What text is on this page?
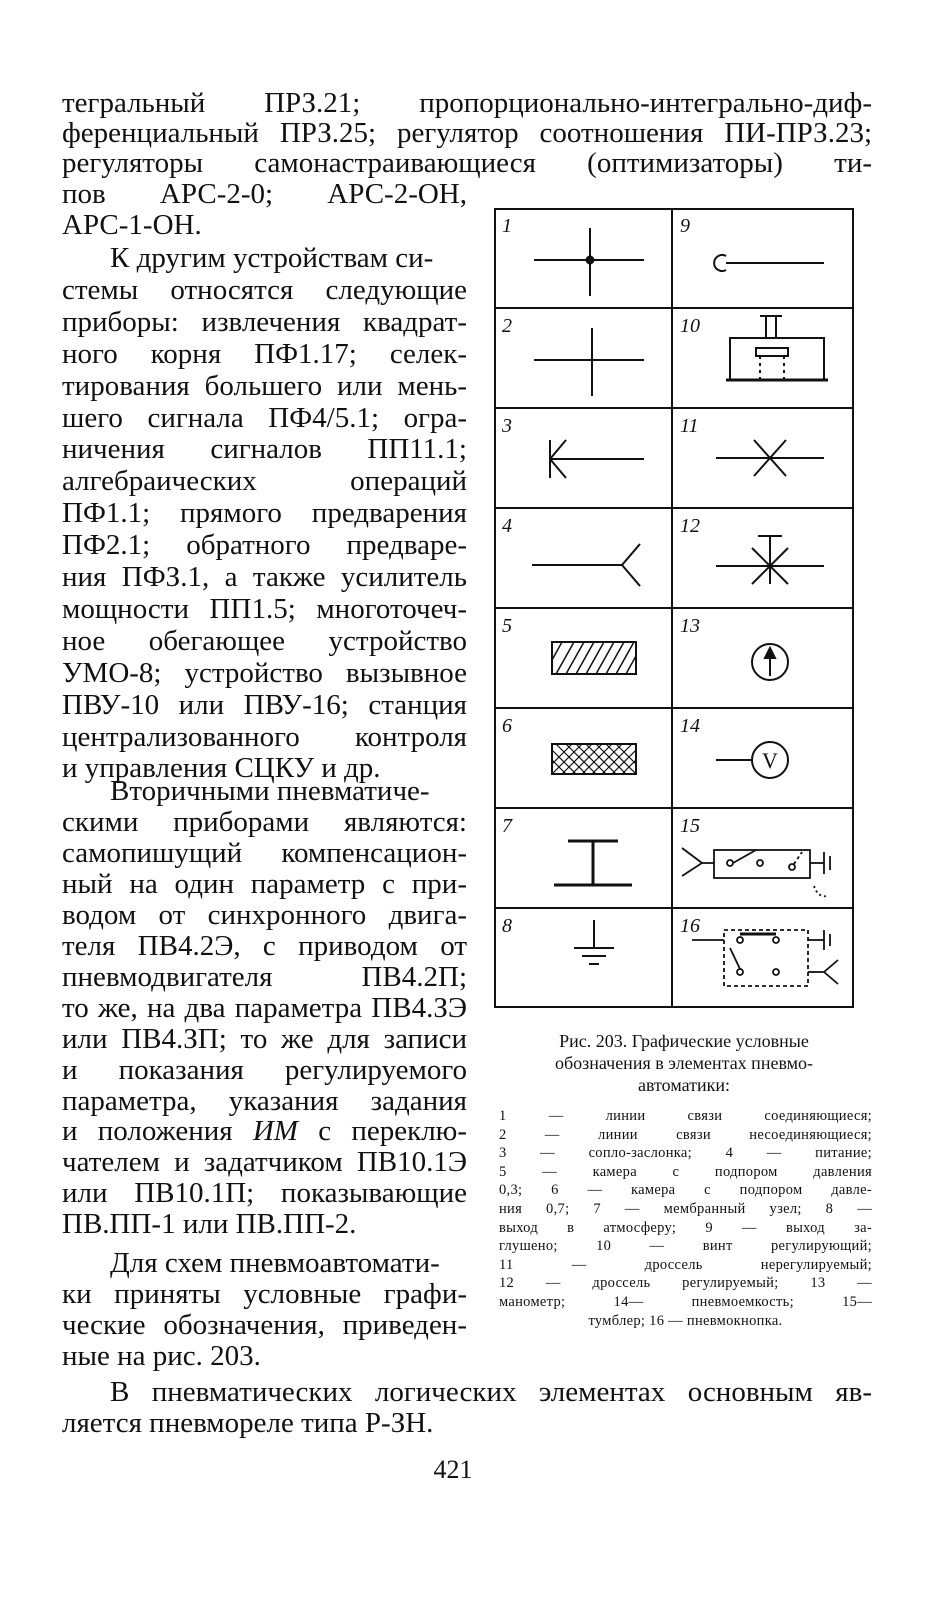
тегральный ПРЗ.21; пропорционально-интегрально-диф-
ференциальный ПРЗ.25; регулятор соотношения ПИ-ПРЗ.23;
регуляторы самонастраивающиеся (оптимизаторы) ти-
пов АРС-2-0; АРС-2-ОН,
АРС-1-ОН.
К другим устройствам си-
стемы относятся следующие
приборы: извлечения квадрат-
ного корня ПФ1.17; селек-
тирования большего или мень-
шего сигнала ПФ4/5.1; огра-
ничения сигналов ПП11.1;
алгебраических операций
ПФ1.1; прямого предварения
ПФ2.1; обратного предваре-
ния ПФЗ.1, а также усилитель
мощности ПП1.5; многоточеч-
ное обегающее устройство
УМО-8; устройство вызывное
ПВУ-10 или ПВУ-16; станция
централизованного контроля
и управления СЦКУ и др.
Вторичными пневматиче-
скими приборами являются:
самопишущий компенсацион-
ный на один параметр с при-
водом от синхронного двига-
теля ПВ4.2Э, с приводом от
пневмодвигателя ПВ4.2П;
то же, на два параметра ПВ4.ЗЭ
или ПВ4.ЗП; то же для записи
и показания регулируемого
параметра, указания задания
и положения ИМ с переклю-
чателем и задатчиком ПВ10.1Э
или ПВ10.1П; показывающие
ПВ.ПП-1 или ПВ.ПП-2.
Для схем пневмоавтомати-
ки приняты условные графи-
ческие обозначения, приведен-
ные на рис. 203.
В пневматических логических элементах основным яв-
ляется пневмореле типа Р-ЗН.
1
2
3
4
5
6
7
8
9
10
11
12
13
14
15
16
V
Рис. 203. Графические условные
обозначения в элементах пневмо-
автоматики:
1 — линии связи соединяющиеся;
2 — линии связи несоединяющиеся;
3 — сопло-заслонка; 4 — питание;
5 — камера с подпором давления
0,3; 6 — камера с подпором давле-
ния 0,7; 7 — мембранный узел; 8 —
выход в атмосферу; 9 — выход за-
глушено; 10 — винт регулирующий;
11 — дроссель нерегулируемый;
12 — дроссель регулируемый; 13 —
манометр; 14— пневмоемкость; 15—
тумблер; 16 — пневмокнопка.
421
